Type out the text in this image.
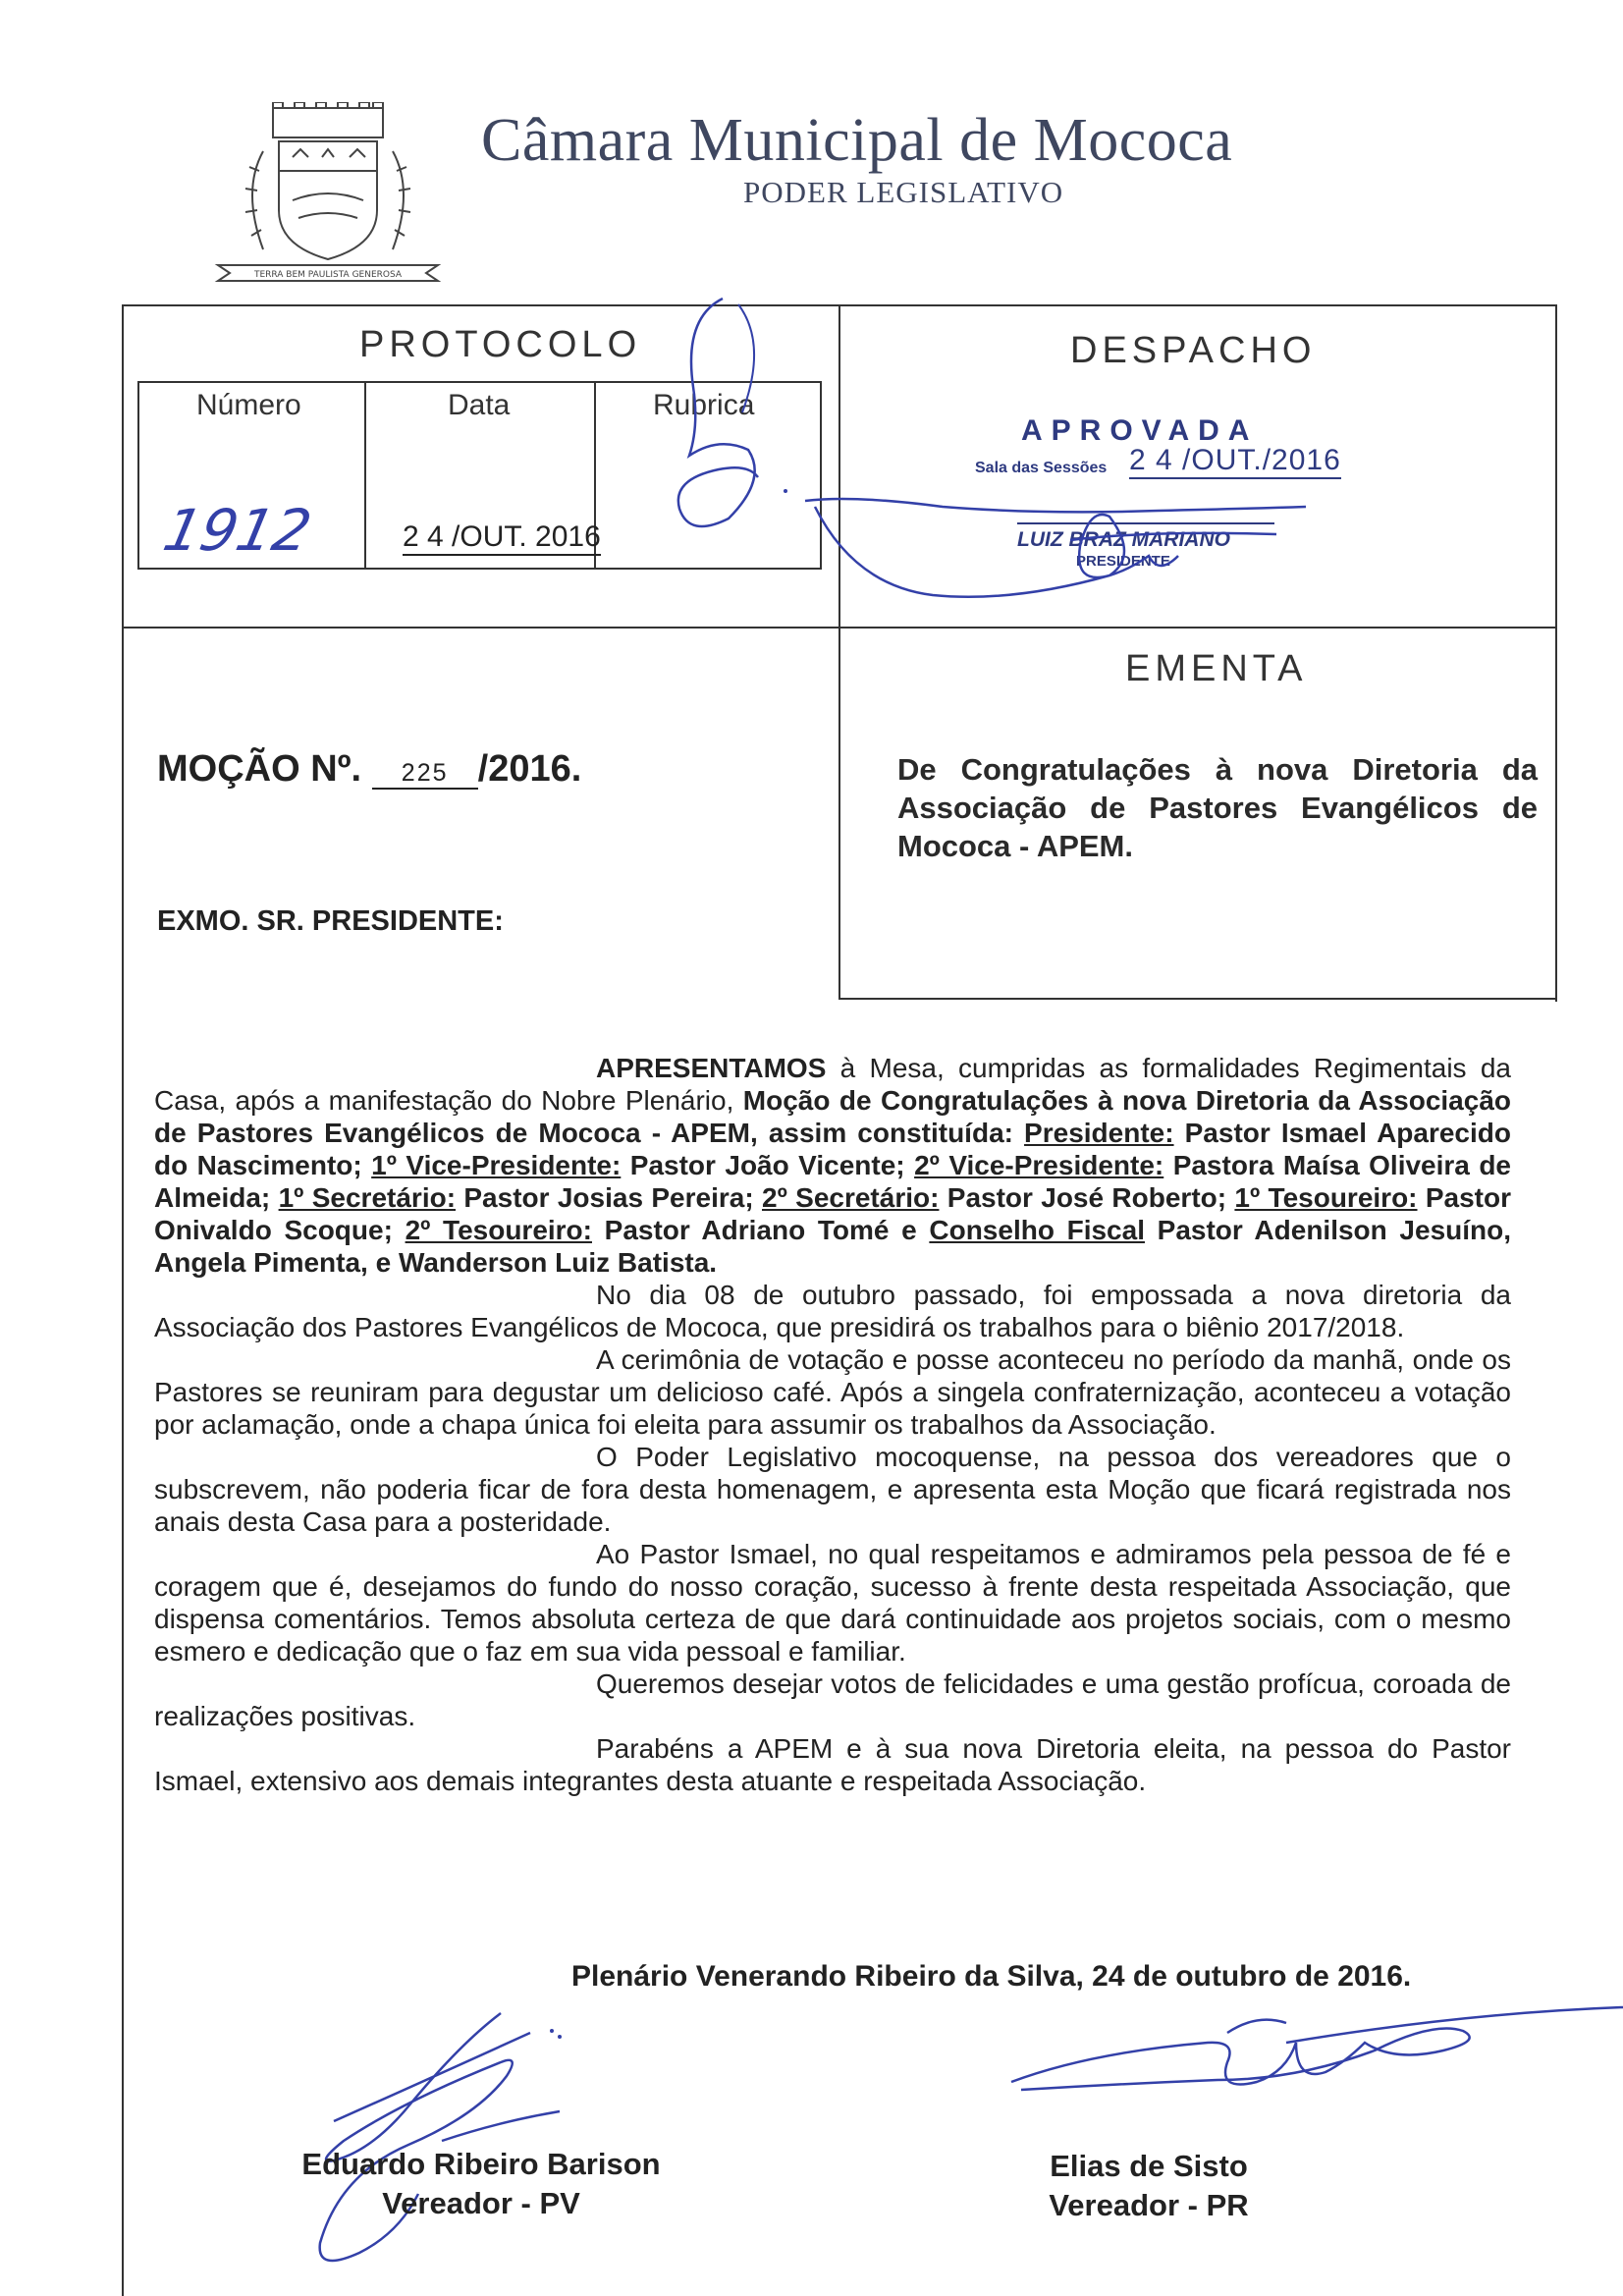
TERRA BEM PAULISTA GENEROSA
Câmara Municipal de Mococa
PODER LEGISLATIVO
PROTOCOLO
Número	Data	Rubrica
1912	2 4 /OUT. 2016
DESPACHO
APROVADA
Sala das Sessões 2 4 /OUT./2016
LUIZ BRAZ MARIANO
PRESIDENTE
MOÇÃO Nº. 225 /2016.
EMENTA
De Congratulações à nova Diretoria da Associação de Pastores Evangélicos de Mococa - APEM.
EXMO. SR. PRESIDENTE:

APRESENTAMOS à Mesa, cumpridas as formalidades Regimentais da Casa, após a manifestação do Nobre Plenário, Moção de Congratulações à nova Diretoria da Associação de Pastores Evangélicos de Mococa - APEM, assim constituída: Presidente: Pastor Ismael Aparecido do Nascimento; 1º Vice-Presidente: Pastor João Vicente; 2º Vice-Presidente: Pastora Maísa Oliveira de Almeida; 1º Secretário: Pastor Josias Pereira; 2º Secretário: Pastor José Roberto; 1º Tesoureiro: Pastor Onivaldo Scoque; 2º Tesoureiro: Pastor Adriano Tomé e Conselho Fiscal Pastor Adenilson Jesuíno, Angela Pimenta, e Wanderson Luiz Batista.

No dia 08 de outubro passado, foi empossada a nova diretoria da Associação dos Pastores Evangélicos de Mococa, que presidirá os trabalhos para o biênio 2017/2018.

A cerimônia de votação e posse aconteceu no período da manhã, onde os Pastores se reuniram para degustar um delicioso café. Após a singela confraternização, aconteceu a votação por aclamação, onde a chapa única foi eleita para assumir os trabalhos da Associação.

O Poder Legislativo mocoquense, na pessoa dos vereadores que o subscrevem, não poderia ficar de fora desta homenagem, e apresenta esta Moção que ficará registrada nos anais desta Casa para a posteridade.

Ao Pastor Ismael, no qual respeitamos e admiramos pela pessoa de fé e coragem que é, desejamos do fundo do nosso coração, sucesso à frente desta respeitada Associação, que dispensa comentários. Temos absoluta certeza de que dará continuidade aos projetos sociais, com o mesmo esmero e dedicação que o faz em sua vida pessoal e familiar.

Queremos desejar votos de felicidades e uma gestão profícua, coroada de realizações positivas.

Parabéns a APEM e à sua nova Diretoria eleita, na pessoa do Pastor Ismael, extensivo aos demais integrantes desta atuante e respeitada Associação.

Plenário Venerando Ribeiro da Silva, 24 de outubro de 2016.
Eduardo Ribeiro Barison
Vereador - PV
Elias de Sisto
Vereador - PR
